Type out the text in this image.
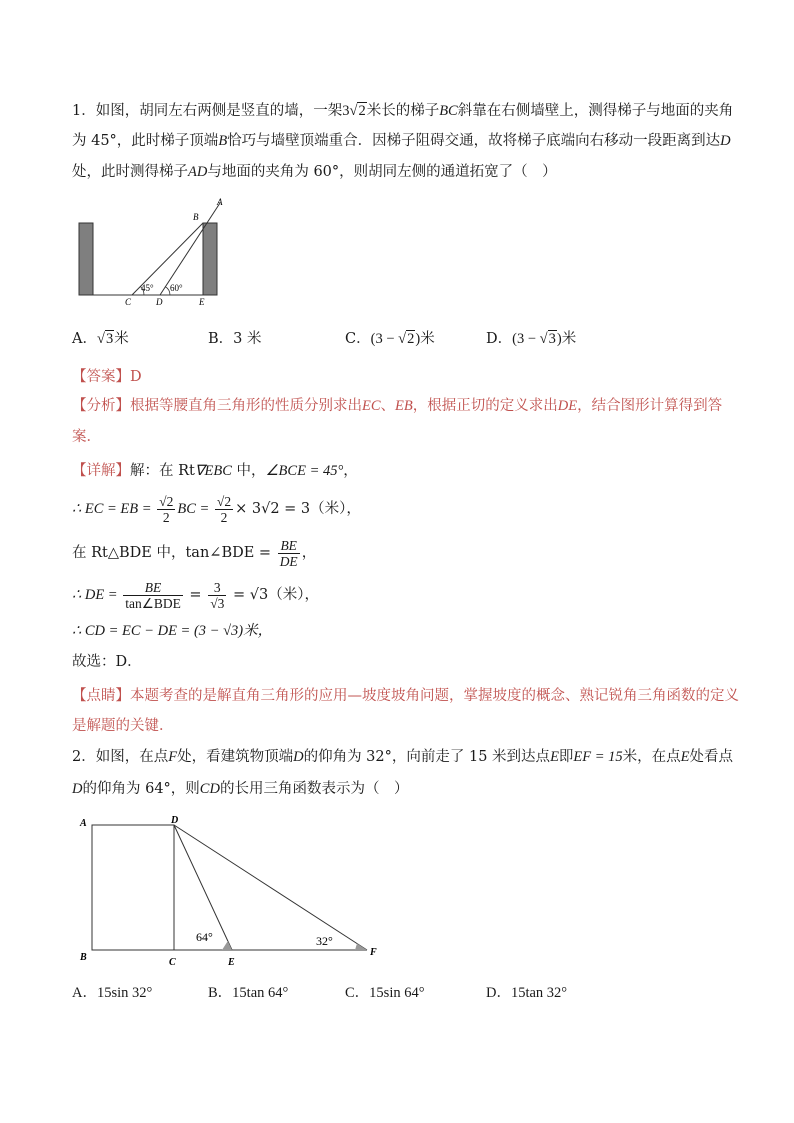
1．如图，胡同左右两侧是竖直的墙，一架3√2米长的梯子BC斜靠在右侧墙壁上，测得梯子与地面的夹角
为 45°，此时梯子顶端B恰巧与墙壁顶端重合．因梯子阻碍交通，故将梯子底端向右移动一段距离到达D
处，此时测得梯子AD与地面的夹角为 60°，则胡同左侧的通道拓宽了（　）
A
B
C	D	E
45° 60°
A．√3米	B．3 米	C．(3 − √2)米	D．(3 − √3)米
【答案】D
【分析】根据等腰直角三角形的性质分别求出EC、EB，根据正切的定义求出DE，结合图形计算得到答
案．
【详解】解：在 Rt∇EBC 中，∠BCE = 45°，
∴ EC = EB = $\frac{√2}{2}$ BC = $\frac{√2}{2} \times 3√2 = 3$（米），
在 Rt△BDE 中，tan∠BDE = $\frac{BE}{DE}$ ，
∴ DE = $\frac{BE}{\text{tan∠BDE}} = \frac{3}{√3} = √3$（米），
∴ CD = EC − DE = (3 − √3)米，
故选：D．
【点睛】本题考查的是解直角三角形的应用—坡度坡角问题，掌握坡度的概念、熟记锐角三角函数的定义
是解题的关键．
2．如图，在点F处，看建筑物顶端D的仰角为 32°，向前走了 15 米到达点E即EF = 15米，在点E处看点
D的仰角为 64°，则CD的长用三角函数表示为（　）
A	D
B	C	E
F
64°	32°
A．15sin 32°	B．15tan 64°	C．15sin 64°	D．15tan 32°
